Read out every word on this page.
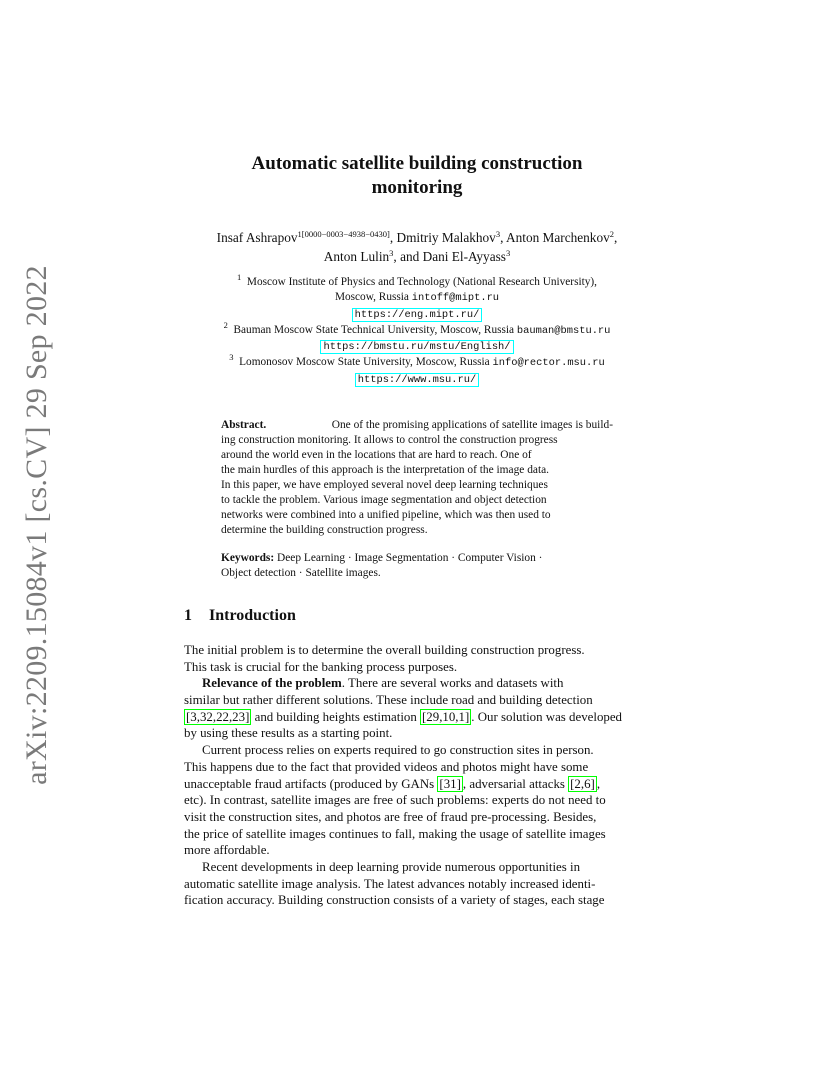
arXiv:2209.15084v1 [cs.CV] 29 Sep 2022
Automatic satellite building construction
monitoring
Insaf Ashrapov$^{1[0000-0003-4938-0430]}$, Dmitriy Malakhov$^3$, Anton Marchenkov$^2$,
Anton Lulin$^3$, and Dani El-Ayyass$^3$
$^1$ Moscow Institute of Physics and Technology (National Research University),
Moscow, Russia intoff@mipt.ru
https://eng.mipt.ru/
$^2$ Bauman Moscow State Technical University, Moscow, Russia bauman@bmstu.ru
https://bmstu.ru/mstu/English/
$^3$ Lomonosov Moscow State University, Moscow, Russia info@rector.msu.ru
https://www.msu.ru/
Abstract.
	One of the promising applications of satellite images is build-
ing construction monitoring. It allows to control the construction progress
around the world even in the locations that are hard to reach. One of
the main hurdles of this approach is the interpretation of the image data.
In this paper, we have employed several novel deep learning techniques
to tackle the problem. Various image segmentation and object detection
networks were combined into a unified pipeline, which was then used to
determine the building construction progress.
Keywords: Deep Learning · Image Segmentation · Computer Vision ·
Object detection · Satellite images.
1 Introduction
The initial problem is to determine the overall building construction progress.
This task is crucial for the banking process purposes.
Relevance of the problem. There are several works and datasets with
similar but rather different solutions. These include road and building detection
[3,32,22,23] and building heights estimation [29,10,1] . Our solution was developed
by using these results as a starting point.
Current process relies on experts required to go construction sites in person.
This happens due to the fact that provided videos and photos might have some
unacceptable fraud artifacts (produced by GANs [31] , adversarial attacks [2,6] ,
etc). In contrast, satellite images are free of such problems: experts do not need to
visit the construction sites, and photos are free of fraud pre-processing. Besides,
the price of satellite images continues to fall, making the usage of satellite images
more affordable.
Recent developments in deep learning provide numerous opportunities in
automatic satellite image analysis. The latest advances notably increased identi-
fication accuracy. Building construction consists of a variety of stages, each stage
